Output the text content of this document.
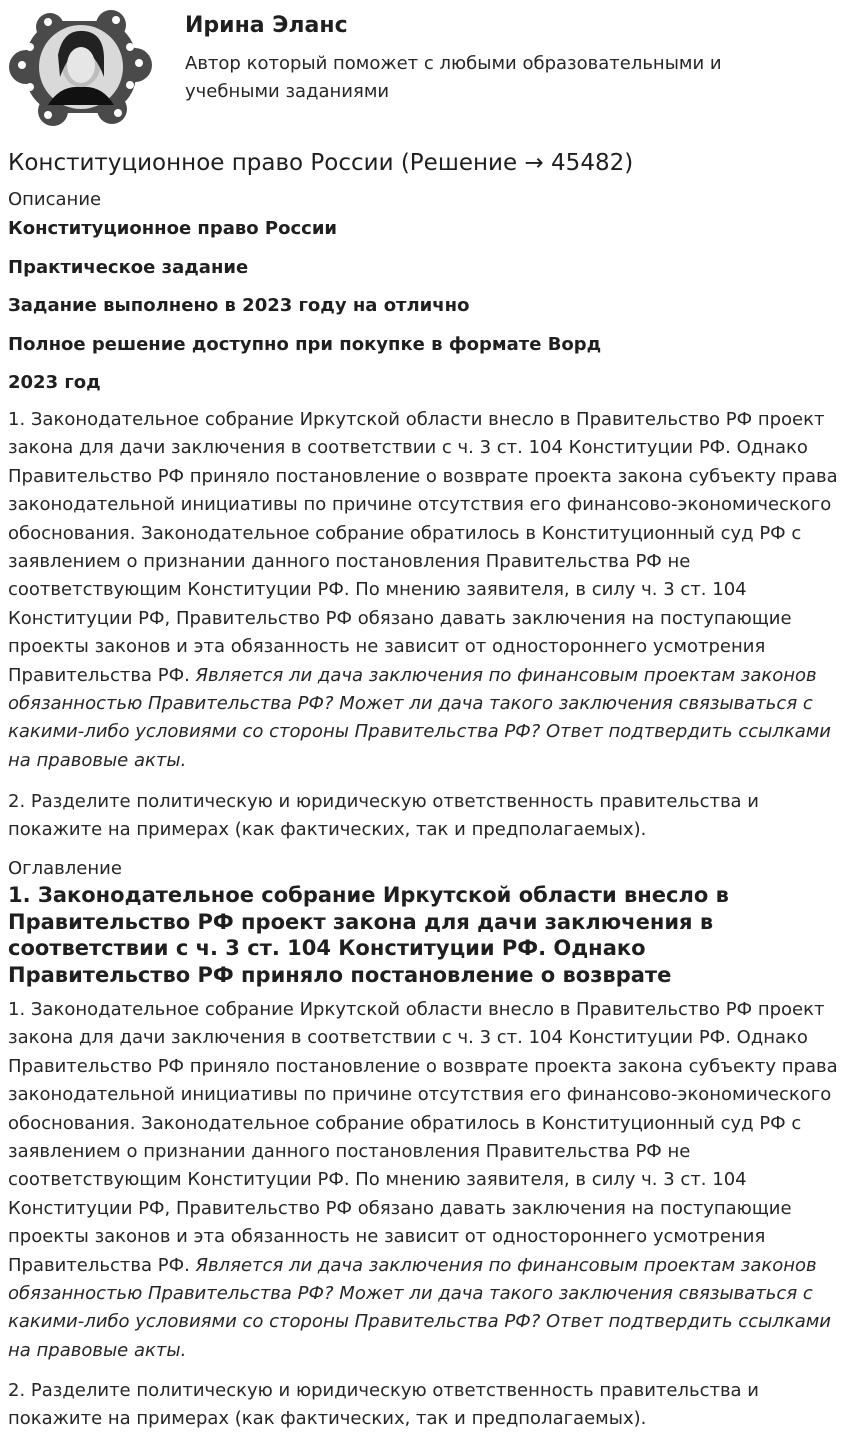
Ирина Эланс

Автор который поможет с любыми образовательными и учебными заданиями

Конституционное право России (Решение → 45482)

Описание

Конституционное право России

Практическое задание

Задание выполнено в 2023 году на отлично

Полное решение доступно при покупке в формате Ворд

2023 год

1. Законодательное собрание Иркутской области внесло в Правительство РФ проект закона для дачи заключения в соответствии с ч. 3 ст. 104 Конституции РФ. Однако Правительство РФ приняло постановление о возврате проекта закона субъекту права законодательной инициативы по причине отсутствия его финансово-экономического обоснования. Законодательное собрание обратилось в Конституционный суд РФ с заявлением о признании данного постановления Правительства РФ не соответствующим Конституции РФ. По мнению заявителя, в силу ч. 3 ст. 104 Конституции РФ, Правительство РФ обязано давать заключения на поступающие проекты законов и эта обязанность не зависит от одностороннего усмотрения Правительства РФ. Является ли дача заключения по финансовым проектам законов обязанностью Правительства РФ? Может ли дача такого заключения связываться с какими-либо условиями со стороны Правительства РФ? Ответ подтвердить ссылками на правовые акты.

2. Разделите политическую и юридическую ответственность правительства и покажите на примерах (как фактических, так и предполагаемых).

Оглавление

1. Законодательное собрание Иркутской области внесло в Правительство РФ проект закона для дачи заключения в соответствии с ч. 3 ст. 104 Конституции РФ. Однако Правительство РФ приняло постановление о возврате

1. Законодательное собрание Иркутской области внесло в Правительство РФ проект закона для дачи заключения в соответствии с ч. 3 ст. 104 Конституции РФ. Однако Правительство РФ приняло постановление о возврате проекта закона субъекту права законодательной инициативы по причине отсутствия его финансово-экономического обоснования. Законодательное собрание обратилось в Конституционный суд РФ с заявлением о признании данного постановления Правительства РФ не соответствующим Конституции РФ. По мнению заявителя, в силу ч. 3 ст. 104 Конституции РФ, Правительство РФ обязано давать заключения на поступающие проекты законов и эта обязанность не зависит от одностороннего усмотрения Правительства РФ. Является ли дача заключения по финансовым проектам законов обязанностью Правительства РФ? Может ли дача такого заключения связываться с какими-либо условиями со стороны Правительства РФ? Ответ подтвердить ссылками на правовые акты.

2. Разделите политическую и юридическую ответственность правительства и покажите на примерах (как фактических, так и предполагаемых).
